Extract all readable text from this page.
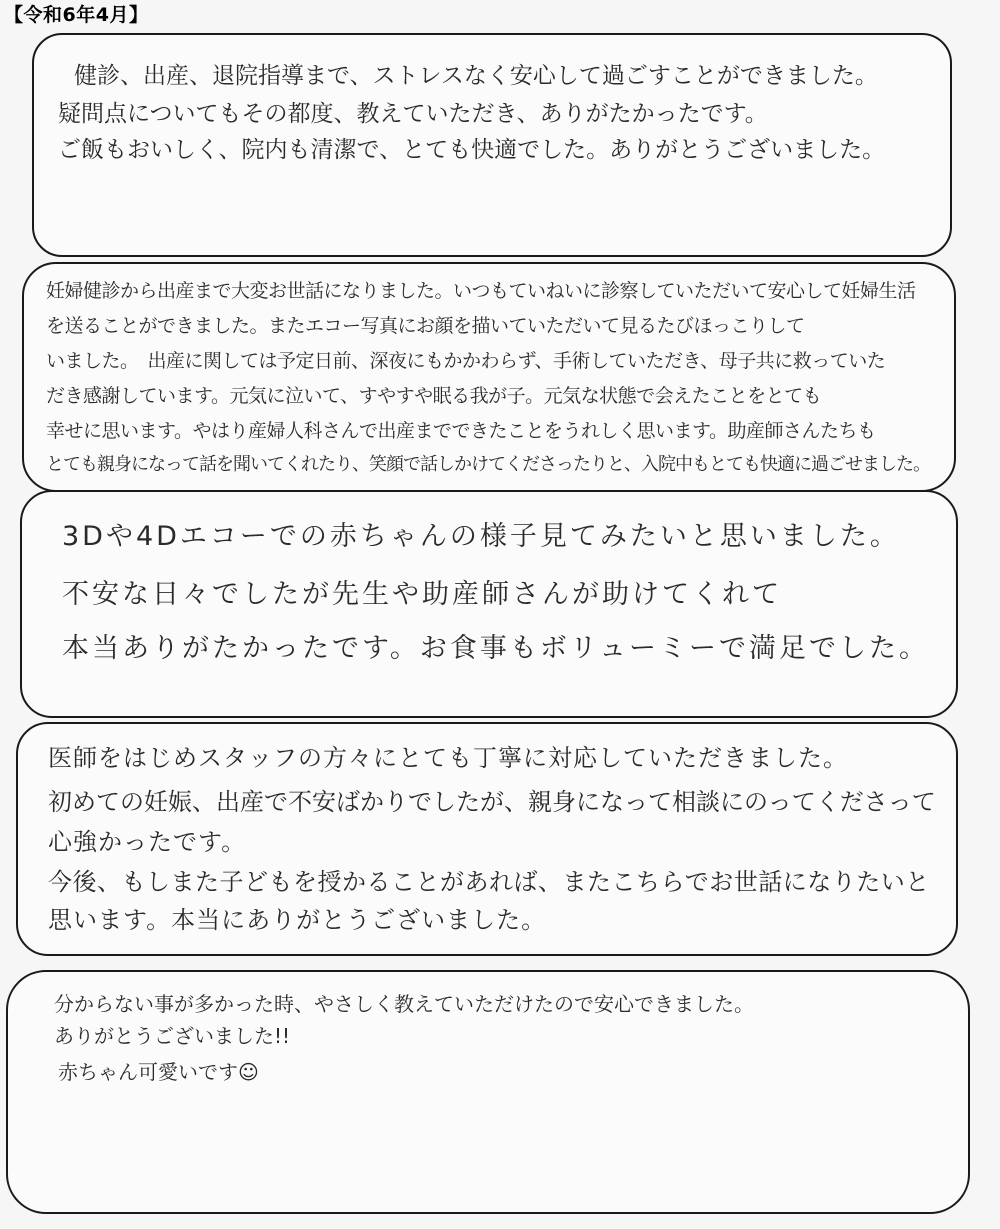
【令和6年4月】
健診、出産、退院指導まで、ストレスなく安心して過ごすことができました。
疑問点についてもその都度、教えていただき、ありがたかったです。
ご飯もおいしく、院内も清潔で、とても快適でした。ありがとうございました。
妊婦健診から出産まで大変お世話になりました。いつもていねいに診察していただいて安心して妊婦生活
を送ることができました。またエコー写真にお顔を描いていただいて見るたびほっこりして
いました。　出産に関しては予定日前、深夜にもかかわらず、手術していただき、母子共に救っていた
だき感謝しています。元気に泣いて、すやすや眠る我が子。元気な状態で会えたことをとても
幸せに思います。やはり産婦人科さんで出産までできたことをうれしく思います。助産師さんたちも
とても親身になって話を聞いてくれたり、笑顔で話しかけてくださったりと、入院中もとても快適に過ごせました。
3Dや4Dエコーでの赤ちゃんの様子見てみたいと思いました。
不安な日々でしたが先生や助産師さんが助けてくれて
本当ありがたかったです。お食事もボリューミーで満足でした。
医師をはじめスタッフの方々にとても丁寧に対応していただきました。
初めての妊娠、出産で不安ばかりでしたが、親身になって相談にのってくださって
心強かったです。
今後、もしまた子どもを授かることがあれば、またこちらでお世話になりたいと
思います。本当にありがとうございました。
分からない事が多かった時、やさしく教えていただけたので安心できました。
ありがとうございました!!
赤ちゃん可愛いです☺
